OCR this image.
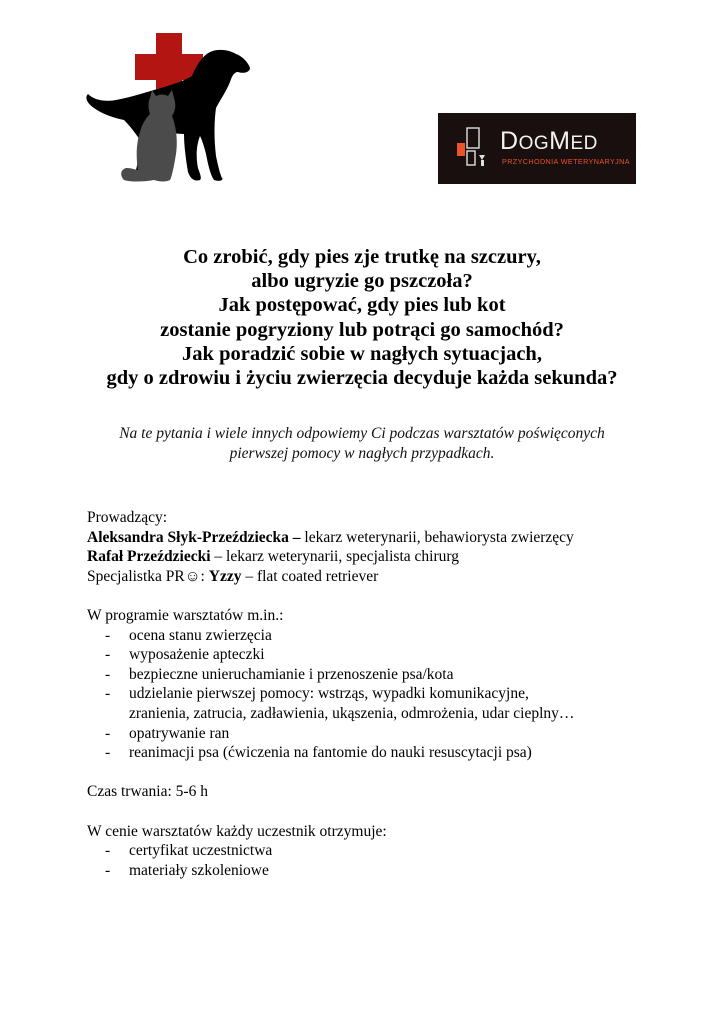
DOGMED
PRZYCHODNIA WETERYNARYJNA
Co zrobić, gdy pies zje trutkę na szczury,
albo ugryzie go pszczoła?
Jak postępować, gdy pies lub kot
zostanie pogryziony lub potrąci go samochód?
Jak poradzić sobie w nagłych sytuacjach,
gdy o zdrowiu i życiu zwierzęcia decyduje każda sekunda?
Na te pytania i wiele innych odpowiemy Ci podczas warsztatów poświęconych
pierwszej pomocy w nagłych przypadkach.
Prowadzący:
Aleksandra Słyk-Przeździecka – lekarz weterynarii, behawiorysta zwierzęcy
Rafał Przeździecki – lekarz weterynarii, specjalista chirurg
Specjalistka PR☺: Yzzy – flat coated retriever
W programie warsztatów m.in.:
- ocena stanu zwierzęcia
- wyposażenie apteczki
- bezpieczne unieruchamianie i przenoszenie psa/kota
- udzielanie pierwszej pomocy: wstrząs, wypadki komunikacyjne,
zranienia, zatrucia, zadławienia, ukąszenia, odmrożenia, udar cieplny…
- opatrywanie ran
- reanimacji psa (ćwiczenia na fantomie do nauki resuscytacji psa)
Czas trwania: 5-6 h
W cenie warsztatów każdy uczestnik otrzymuje:
- certyfikat uczestnictwa
- materiały szkoleniowe
